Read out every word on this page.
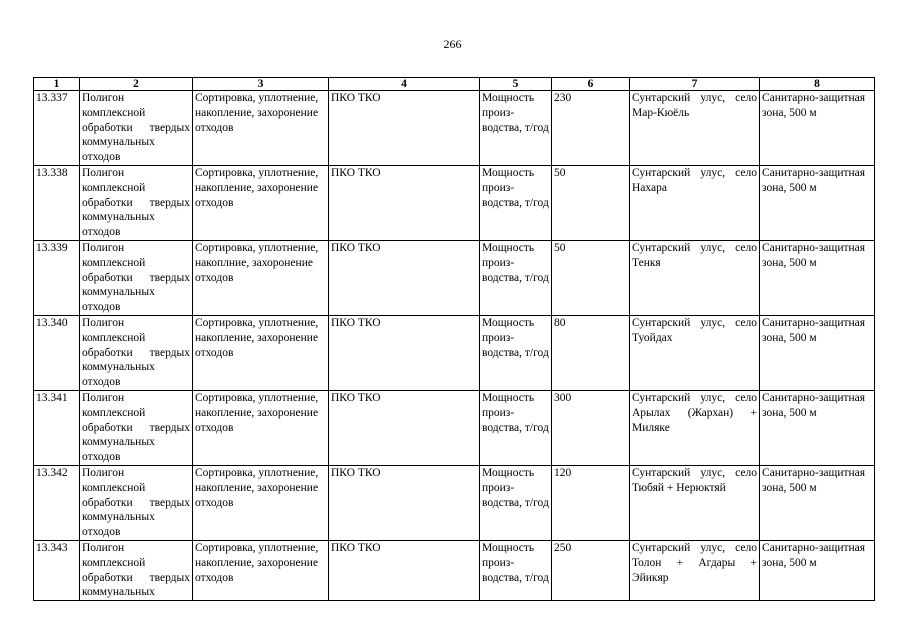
266
1	2	3	4	5	6	7	8
13.337	Полигон комплексной обработки твердых коммунальных отходов	Сортировка, уплотнение, накопление, захоронение отходов	ПКО ТКО	Мощность произ-водства, т/год	230	Сунтарский улус, село Мар-Кюёль	Санитарно-защитная зона, 500 м
13.338	Полигон комплексной обработки твердых коммунальных отходов	Сортировка, уплотнение, накопление, захоронение отходов	ПКО ТКО	Мощность произ-водства, т/год	50	Сунтарский улус, село Нахара	Санитарно-защитная зона, 500 м
13.339	Полигон комплексной обработки твердых коммунальных отходов	Сортировка, уплотнение, накоплние, захоронение отходов	ПКО ТКО	Мощность произ-водства, т/год	50	Сунтарский улус, село Тенкя	Санитарно-защитная зона, 500 м
13.340	Полигон комплексной обработки твердых коммунальных отходов	Сортировка, уплотнение, накопление, захоронение отходов	ПКО ТКО	Мощность произ-водства, т/год	80	Сунтарский улус, село Туойдах	Санитарно-защитная зона, 500 м
13.341	Полигон комплексной обработки твердых коммунальных отходов	Сортировка, уплотнение, накопление, захоронение отходов	ПКО ТКО	Мощность произ-водства, т/год	300	Сунтарский улус, село Арылах (Жархан) + Миляке	Санитарно-защитная зона, 500 м
13.342	Полигон комплексной обработки твердых коммунальных отходов	Сортировка, уплотнение, накопление, захоронение отходов	ПКО ТКО	Мощность произ-водства, т/год	120	Сунтарский улус, село Тюбяй + Нерюктяй	Санитарно-защитная зона, 500 м
13.343	Полигон комплексной обработки твердых коммунальных	Сортировка, уплотнение, накопление, захоронение отходов	ПКО ТКО	Мощность произ-водства, т/год	250	Сунтарский улус, село Толон + Агдары + Эйикяр	Санитарно-защитная зона, 500 м
